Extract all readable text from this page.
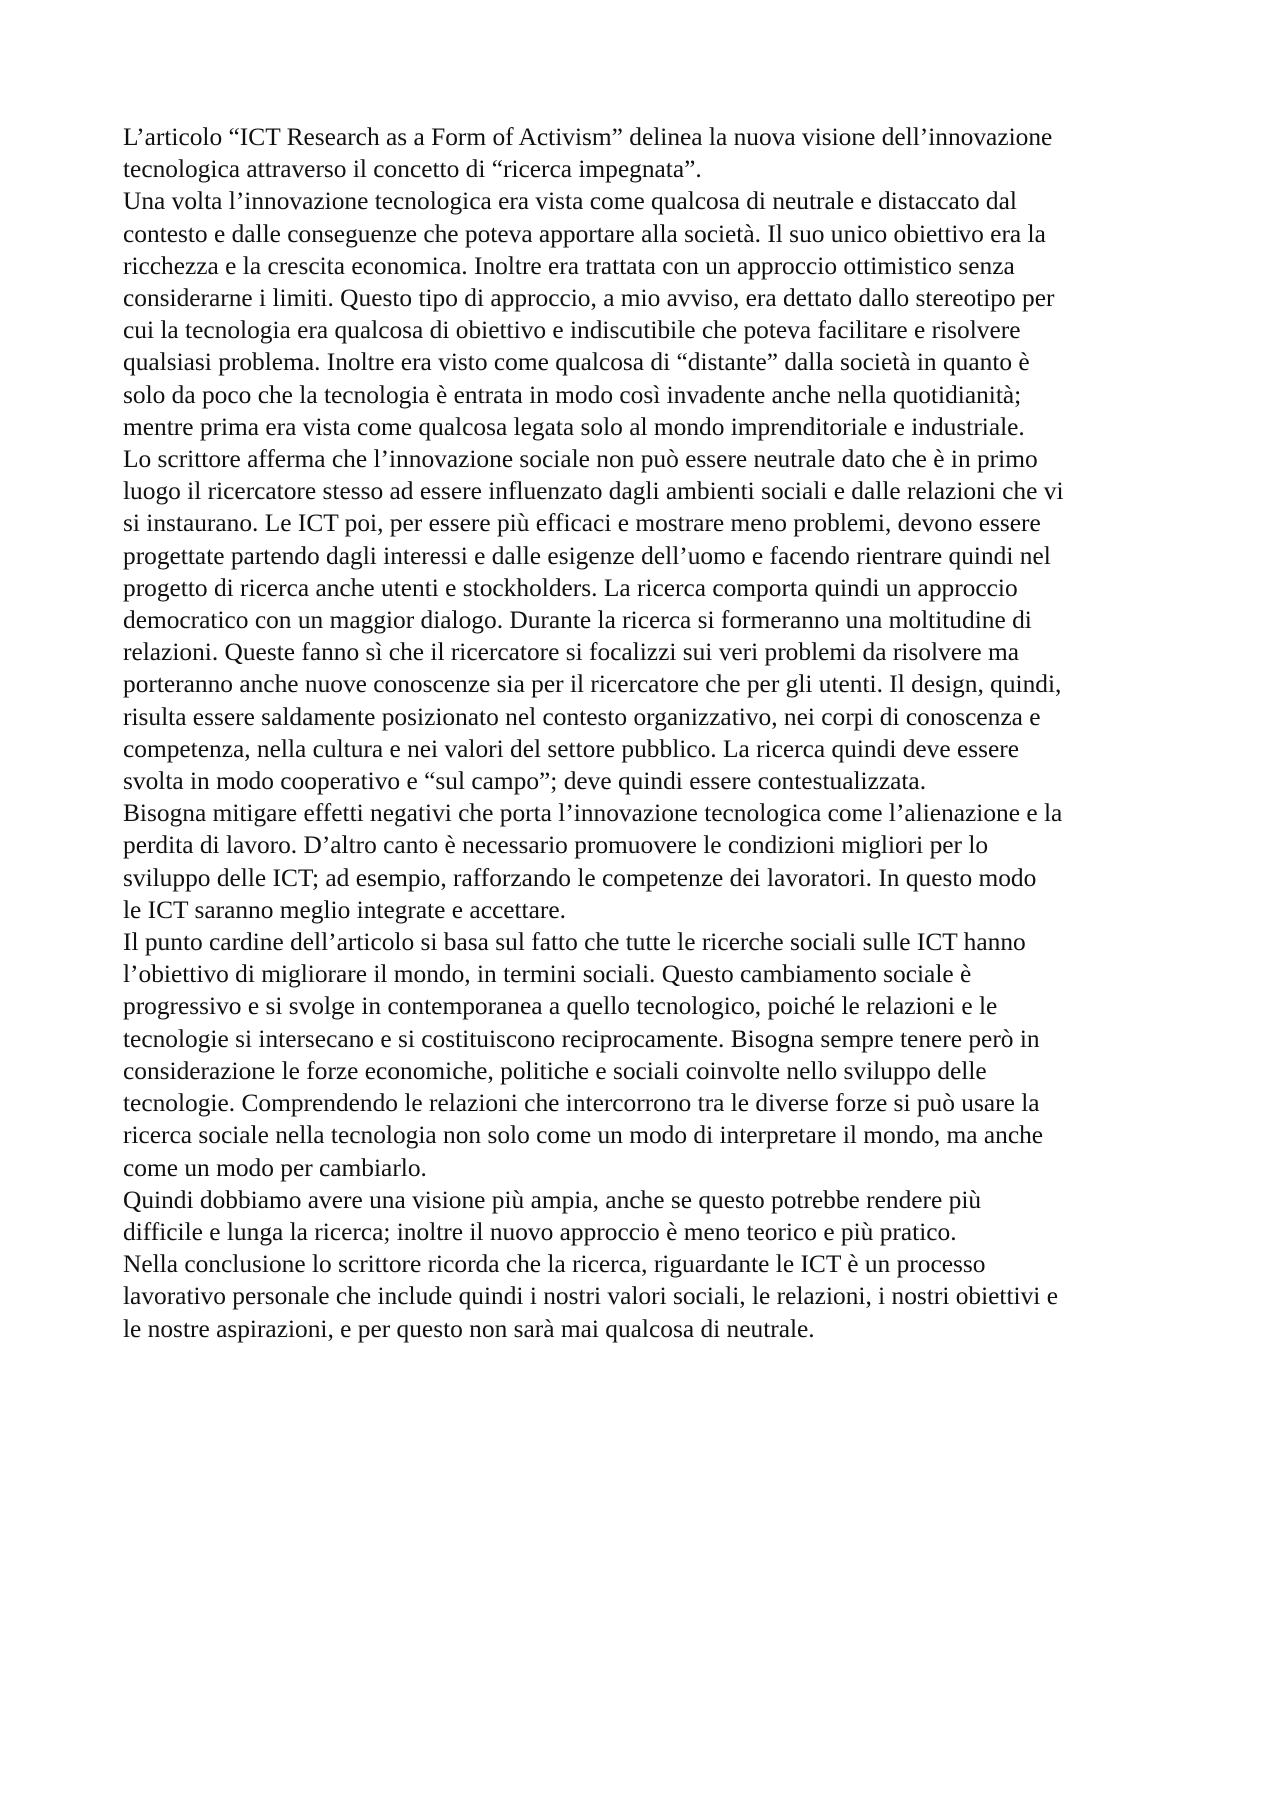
L’articolo “ICT Research as a Form of Activism” delinea la nuova visione dell’innovazione
tecnologica attraverso il concetto di “ricerca impegnata”.
Una volta l’innovazione tecnologica era vista come qualcosa di neutrale e distaccato dal
contesto e dalle conseguenze che poteva apportare alla società. Il suo unico obiettivo era la
ricchezza e la crescita economica. Inoltre era trattata con un approccio ottimistico senza
considerarne i limiti. Questo tipo di approccio, a mio avviso, era dettato dallo stereotipo per
cui la tecnologia era qualcosa di obiettivo e indiscutibile che poteva facilitare e risolvere
qualsiasi problema. Inoltre era visto come qualcosa di “distante” dalla società in quanto è
solo da poco che la tecnologia è entrata in modo così invadente anche nella quotidianità;
mentre prima era vista come qualcosa legata solo al mondo imprenditoriale e industriale.
Lo scrittore afferma che l’innovazione sociale non può essere neutrale dato che è in primo
luogo il ricercatore stesso ad essere influenzato dagli ambienti sociali e dalle relazioni che vi
si instaurano. Le ICT poi, per essere più efficaci e mostrare meno problemi, devono essere
progettate partendo dagli interessi e dalle esigenze dell’uomo e facendo rientrare quindi nel
progetto di ricerca anche utenti e stockholders. La ricerca comporta quindi un approccio
democratico con un maggior dialogo. Durante la ricerca si formeranno una moltitudine di
relazioni. Queste fanno sì che il ricercatore si focalizzi sui veri problemi da risolvere ma
porteranno anche nuove conoscenze sia per il ricercatore che per gli utenti. Il design, quindi,
risulta essere saldamente posizionato nel contesto organizzativo, nei corpi di conoscenza e
competenza, nella cultura e nei valori del settore pubblico. La ricerca quindi deve essere
svolta in modo cooperativo e “sul campo”; deve quindi essere contestualizzata.
Bisogna mitigare effetti negativi che porta l’innovazione tecnologica come l’alienazione e la
perdita di lavoro. D’altro canto è necessario promuovere le condizioni migliori per lo
sviluppo delle ICT; ad esempio, rafforzando le competenze dei lavoratori. In questo modo
le ICT saranno meglio integrate e accettare.
Il punto cardine dell’articolo si basa sul fatto che tutte le ricerche sociali sulle ICT hanno
l’obiettivo di migliorare il mondo, in termini sociali. Questo cambiamento sociale è
progressivo e si svolge in contemporanea a quello tecnologico, poiché le relazioni e le
tecnologie si intersecano e si costituiscono reciprocamente. Bisogna sempre tenere però in
considerazione le forze economiche, politiche e sociali coinvolte nello sviluppo delle
tecnologie. Comprendendo le relazioni che intercorrono tra le diverse forze si può usare la
ricerca sociale nella tecnologia non solo come un modo di interpretare il mondo, ma anche
come un modo per cambiarlo.
Quindi dobbiamo avere una visione più ampia, anche se questo potrebbe rendere più
difficile e lunga la ricerca; inoltre il nuovo approccio è meno teorico e più pratico.
Nella conclusione lo scrittore ricorda che la ricerca, riguardante le ICT è un processo
lavorativo personale che include quindi i nostri valori sociali, le relazioni, i nostri obiettivi e
le nostre aspirazioni, e per questo non sarà mai qualcosa di neutrale.
